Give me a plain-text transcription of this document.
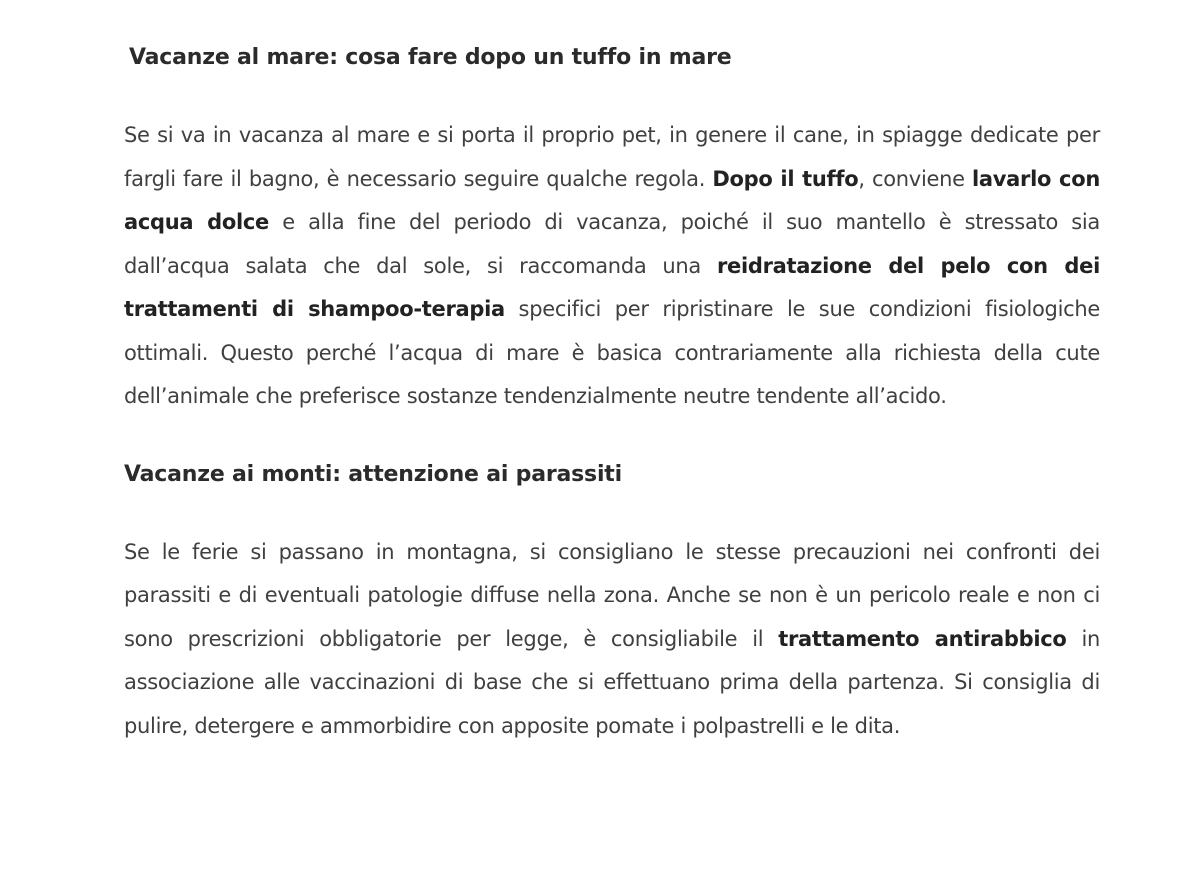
Vacanze al mare: cosa fare dopo un tuffo in mare

Se si va in vacanza al mare e si porta il proprio pet, in genere il cane, in spiagge dedicate per fargli fare il bagno, è necessario seguire qualche regola. Dopo il tuffo, conviene lavarlo con acqua dolce e alla fine del periodo di vacanza, poiché il suo mantello è stressato sia dall’acqua salata che dal sole, si raccomanda una reidratazione del pelo con dei trattamenti di shampoo-terapia specifici per ripristinare le sue condizioni fisiologiche ottimali. Questo perché l’acqua di mare è basica contrariamente alla richiesta della cute dell’animale che preferisce sostanze tendenzialmente neutre tendente all’acido.

Vacanze ai monti: attenzione ai parassiti

Se le ferie si passano in montagna, si consigliano le stesse precauzioni nei confronti dei parassiti e di eventuali patologie diffuse nella zona. Anche se non è un pericolo reale e non ci sono prescrizioni obbligatorie per legge, è consigliabile il trattamento antirabbico in associazione alle vaccinazioni di base che si effettuano prima della partenza. Si consiglia di pulire, detergere e ammorbidire con apposite pomate i polpastrelli e le dita.
